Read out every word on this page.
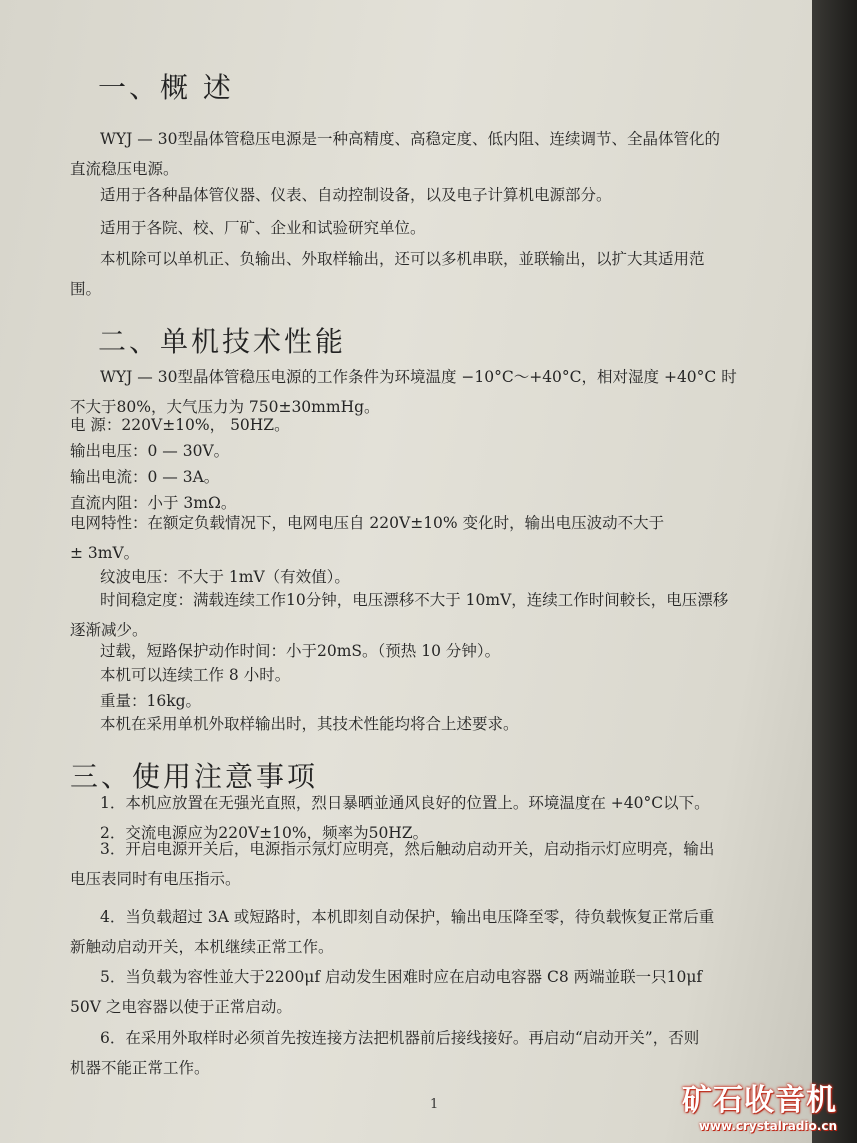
一、概 述
WYJ — 30型晶体管稳压电源是一种高精度、高稳定度、低内阻、连续调节、全晶体管化的
直流稳压电源。
适用于各种晶体管仪器、仪表、自动控制设备，以及电子计算机电源部分。
适用于各院、校、厂矿、企业和试验研究单位。
本机除可以单机正、负输出、外取样输出，还可以多机串联，並联输出，以扩大其适用范
围。
二、单机技术性能
WYJ — 30型晶体管稳压电源的工作条件为环境温度 −10°C～+40°C，相对湿度 +40°C 时
不大于80%，大气压力为 750±30mmHg。
电 源：220V±10%， 50HZ。
输出电压：0 — 30V。
输出电流：0 — 3A。
直流内阻：小于 3mΩ。
电网特性：在额定负载情况下，电网电压自 220V±10% 变化时，输出电压波动不大于
± 3mV。
纹波电压：不大于 1mV（有效值）。
时间稳定度：满载连续工作10分钟，电压漂移不大于 10mV，连续工作时间較长，电压漂移
逐渐减少。
过载，短路保护动作时间：小于20mS。（预热 10 分钟）。
本机可以连续工作 8 小时。
重量：16kg。
本机在采用单机外取样输出时，其技术性能均将合上述要求。
三、使用注意事项
1．本机应放置在无强光直照，烈日暴晒並通风良好的位置上。环境温度在 +40°C以下。
2．交流电源应为220V±10%，频率为50HZ。
3．开启电源开关后，电源指示氖灯应明亮，然后触动启动开关，启动指示灯应明亮，输出
电压表同时有电压指示。
4．当负载超过 3A 或短路时，本机即刻自动保护，输出电压降至零，待负载恢复正常后重
新触动启动开关，本机继续正常工作。
5．当负载为容性並大于2200μf 启动发生困难时应在启动电容器 C8 两端並联一只10μf
50V 之电容器以使于正常启动。
6．在采用外取样时必须首先按连接方法把机器前后接线接好。再启动“启动开关”，否则
机器不能正常工作。
1	矿石收音机
www.crystalradio.cn
